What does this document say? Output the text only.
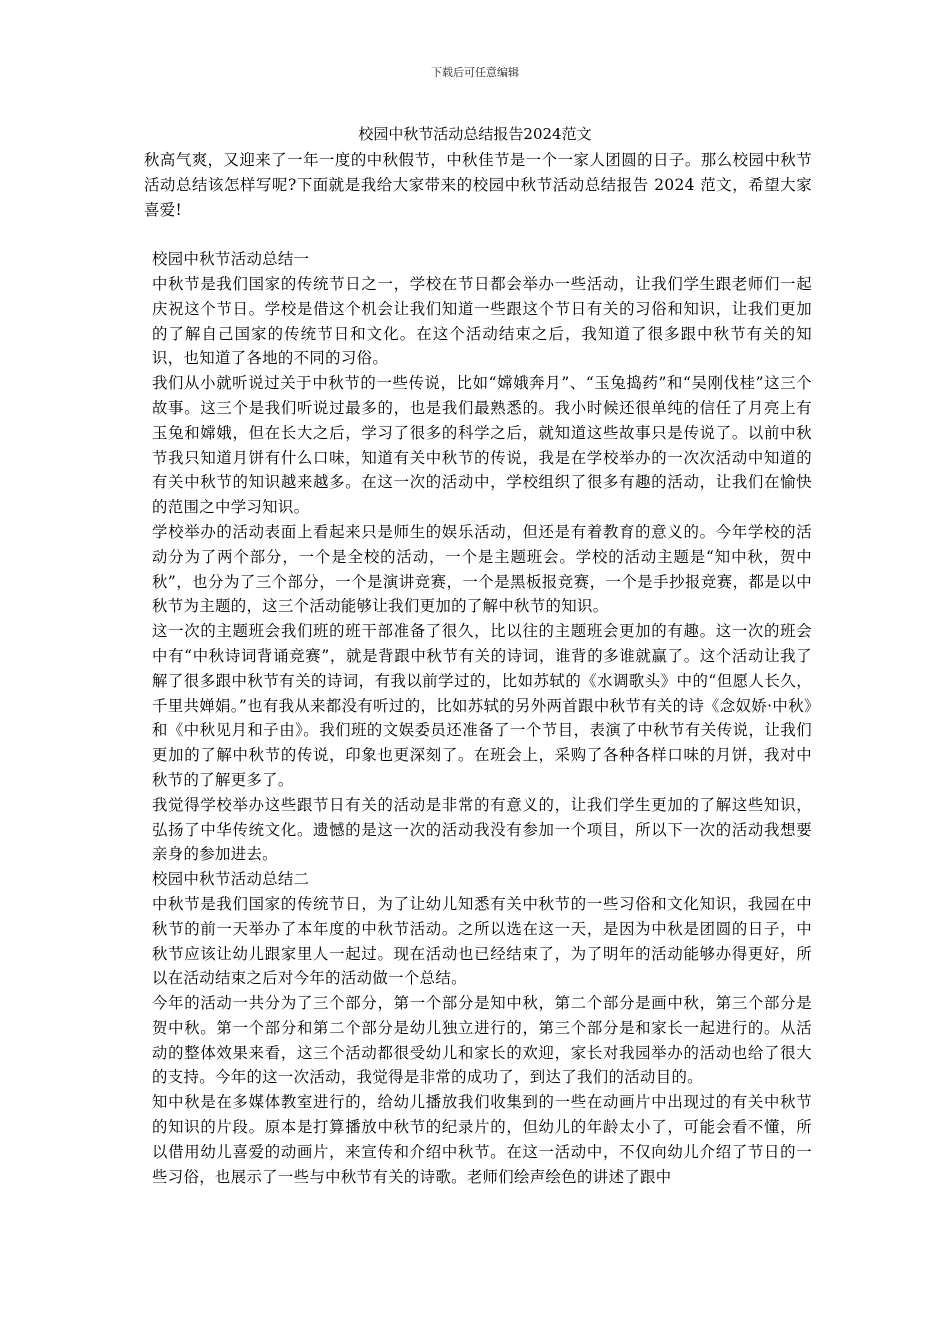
下载后可任意编辑
校园中秋节活动总结报告2024范文

秋高气爽，又迎来了一年一度的中秋假节，中秋佳节是一个一家人团圆的日子。那么校园中秋节活动总结该怎样写呢?下面就是我给大家带来的校园中秋节活动总结报告 2024 范文，希望大家喜爱!

校园中秋节活动总结一

中秋节是我们国家的传统节日之一，学校在节日都会举办一些活动，让我们学生跟老师们一起庆祝这个节日。学校是借这个机会让我们知道一些跟这个节日有关的习俗和知识，让我们更加的了解自己国家的传统节日和文化。在这个活动结束之后，我知道了很多跟中秋节有关的知识，也知道了各地的不同的习俗。

我们从小就听说过关于中秋节的一些传说，比如“嫦娥奔月”、“玉兔捣药”和“吴刚伐桂”这三个故事。这三个是我们听说过最多的，也是我们最熟悉的。我小时候还很单纯的信任了月亮上有玉兔和嫦娥，但在长大之后，学习了很多的科学之后，就知道这些故事只是传说了。以前中秋节我只知道月饼有什么口味，知道有关中秋节的传说，我是在学校举办的一次次活动中知道的有关中秋节的知识越来越多。在这一次的活动中，学校组织了很多有趣的活动，让我们在愉快的范围之中学习知识。

学校举办的活动表面上看起来只是师生的娱乐活动，但还是有着教育的意义的。今年学校的活动分为了两个部分，一个是全校的活动，一个是主题班会。学校的活动主题是“知中秋，贺中秋”，也分为了三个部分，一个是演讲竞赛，一个是黑板报竞赛，一个是手抄报竞赛，都是以中秋节为主题的，这三个活动能够让我们更加的了解中秋节的知识。

这一次的主题班会我们班的班干部准备了很久，比以往的主题班会更加的有趣。这一次的班会中有“中秋诗词背诵竞赛”，就是背跟中秋节有关的诗词，谁背的多谁就赢了。这个活动让我了解了很多跟中秋节有关的诗词，有我以前学过的，比如苏轼的《水调歌头》中的“但愿人长久，千里共婵娟。”也有我从来都没有听过的，比如苏轼的另外两首跟中秋节有关的诗《念奴娇·中秋》和《中秋见月和子由》。我们班的文娱委员还准备了一个节目，表演了中秋节有关传说，让我们更加的了解中秋节的传说，印象也更深刻了。在班会上，采购了各种各样口味的月饼，我对中秋节的了解更多了。

我觉得学校举办这些跟节日有关的活动是非常的有意义的，让我们学生更加的了解这些知识，弘扬了中华传统文化。遗憾的是这一次的活动我没有参加一个项目，所以下一次的活动我想要亲身的参加进去。

校园中秋节活动总结二

中秋节是我们国家的传统节日，为了让幼儿知悉有关中秋节的一些习俗和文化知识，我园在中秋节的前一天举办了本年度的中秋节活动。之所以选在这一天，是因为中秋是团圆的日子，中秋节应该让幼儿跟家里人一起过。现在活动也已经结束了，为了明年的活动能够办得更好，所以在活动结束之后对今年的活动做一个总结。

今年的活动一共分为了三个部分，第一个部分是知中秋，第二个部分是画中秋，第三个部分是贺中秋。第一个部分和第二个部分是幼儿独立进行的，第三个部分是和家长一起进行的。从活动的整体效果来看，这三个活动都很受幼儿和家长的欢迎，家长对我园举办的活动也给了很大的支持。今年的这一次活动，我觉得是非常的成功了，到达了我们的活动目的。

知中秋是在多媒体教室进行的，给幼儿播放我们收集到的一些在动画片中出现过的有关中秋节的知识的片段。原本是打算播放中秋节的纪录片的，但幼儿的年龄太小了，可能会看不懂，所以借用幼儿喜爱的动画片，来宣传和介绍中秋节。在这一活动中，不仅向幼儿介绍了节日的一些习俗，也展示了一些与中秋节有关的诗歌。老师们绘声绘色的讲述了跟中
